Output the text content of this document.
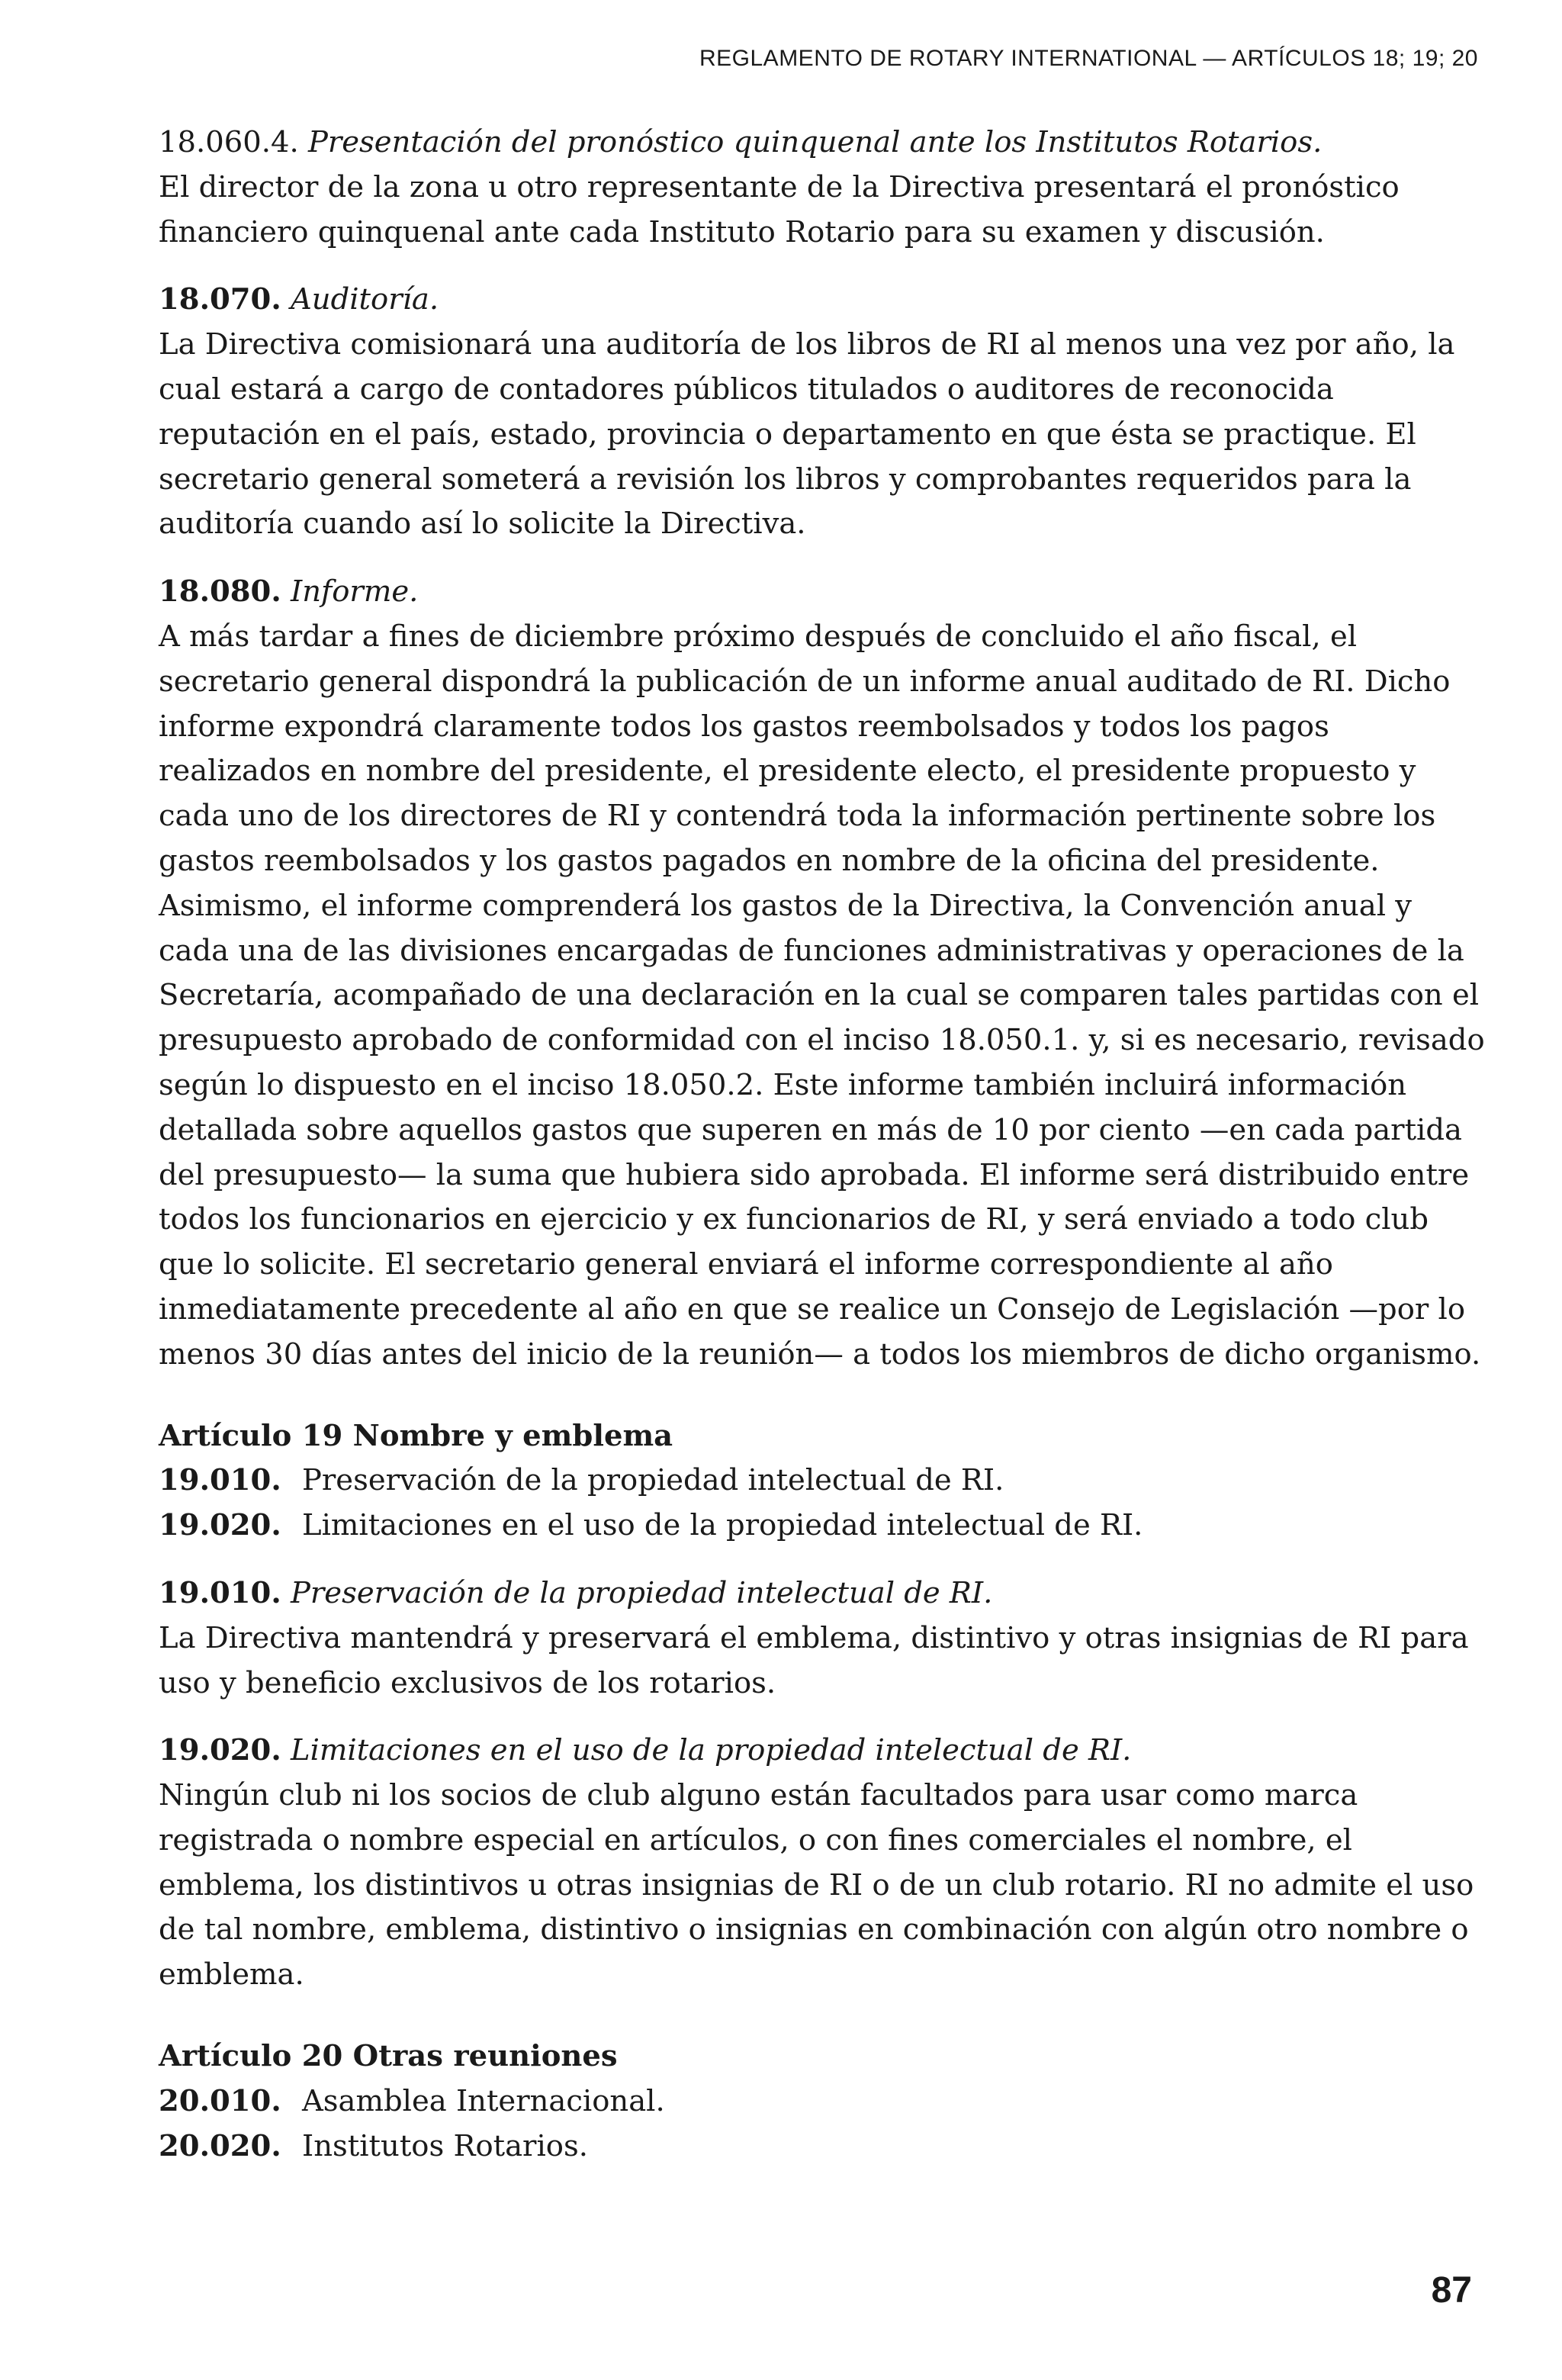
REGLAMENTO DE ROTARY INTERNATIONAL — ARTÍCULOS 18; 19; 20
18.060.4. Presentación del pronóstico quinquenal ante los Institutos Rotarios.
El director de la zona u otro representante de la Directiva presentará el pronóstico financiero quinquenal ante cada Instituto Rotario para su examen y discusión.
18.070. Auditoría.
La Directiva comisionará una auditoría de los libros de RI al menos una vez por año, la cual estará a cargo de contadores públicos titulados o auditores de reconocida reputación en el país, estado, provincia o departamento en que ésta se practique. El secretario general someterá a revisión los libros y comprobantes requeridos para la auditoría cuando así lo solicite la Directiva.
18.080. Informe.
A más tardar a fines de diciembre próximo después de concluido el año fiscal, el secretario general dispondrá la publicación de un informe anual auditado de RI. Dicho informe expondrá claramente todos los gastos reembolsados y todos los pagos realizados en nombre del presidente, el presidente electo, el presidente propuesto y cada uno de los directores de RI y contendrá toda la información pertinente sobre los gastos reembolsados y los gastos pagados en nombre de la oficina del presidente. Asimismo, el informe comprenderá los gastos de la Directiva, la Convención anual y cada una de las divisiones encargadas de funciones administrativas y operaciones de la Secretaría, acompañado de una declaración en la cual se comparen tales partidas con el presupuesto aprobado de conformidad con el inciso 18.050.1. y, si es necesario, revisado según lo dispuesto en el inciso 18.050.2. Este informe también incluirá información detallada sobre aquellos gastos que superen en más de 10 por ciento —en cada partida del presupuesto— la suma que hubiera sido aprobada. El informe será distribuido entre todos los funcionarios en ejercicio y ex funcionarios de RI, y será enviado a todo club que lo solicite. El secretario general enviará el informe correspondiente al año inmediatamente precedente al año en que se realice un Consejo de Legislación —por lo menos 30 días antes del inicio de la reunión— a todos los miembros de dicho organismo.
Artículo 19 Nombre y emblema
19.010. Preservación de la propiedad intelectual de RI.
19.020. Limitaciones en el uso de la propiedad intelectual de RI.
19.010. Preservación de la propiedad intelectual de RI.
La Directiva mantendrá y preservará el emblema, distintivo y otras insignias de RI para uso y beneficio exclusivos de los rotarios.
19.020. Limitaciones en el uso de la propiedad intelectual de RI.
Ningún club ni los socios de club alguno están facultados para usar como marca registrada o nombre especial en artículos, o con fines comerciales el nombre, el emblema, los distintivos u otras insignias de RI o de un club rotario. RI no admite el uso de tal nombre, emblema, distintivo o insignias en combinación con algún otro nombre o emblema.
Artículo 20 Otras reuniones
20.010. Asamblea Internacional.
20.020. Institutos Rotarios.
87
